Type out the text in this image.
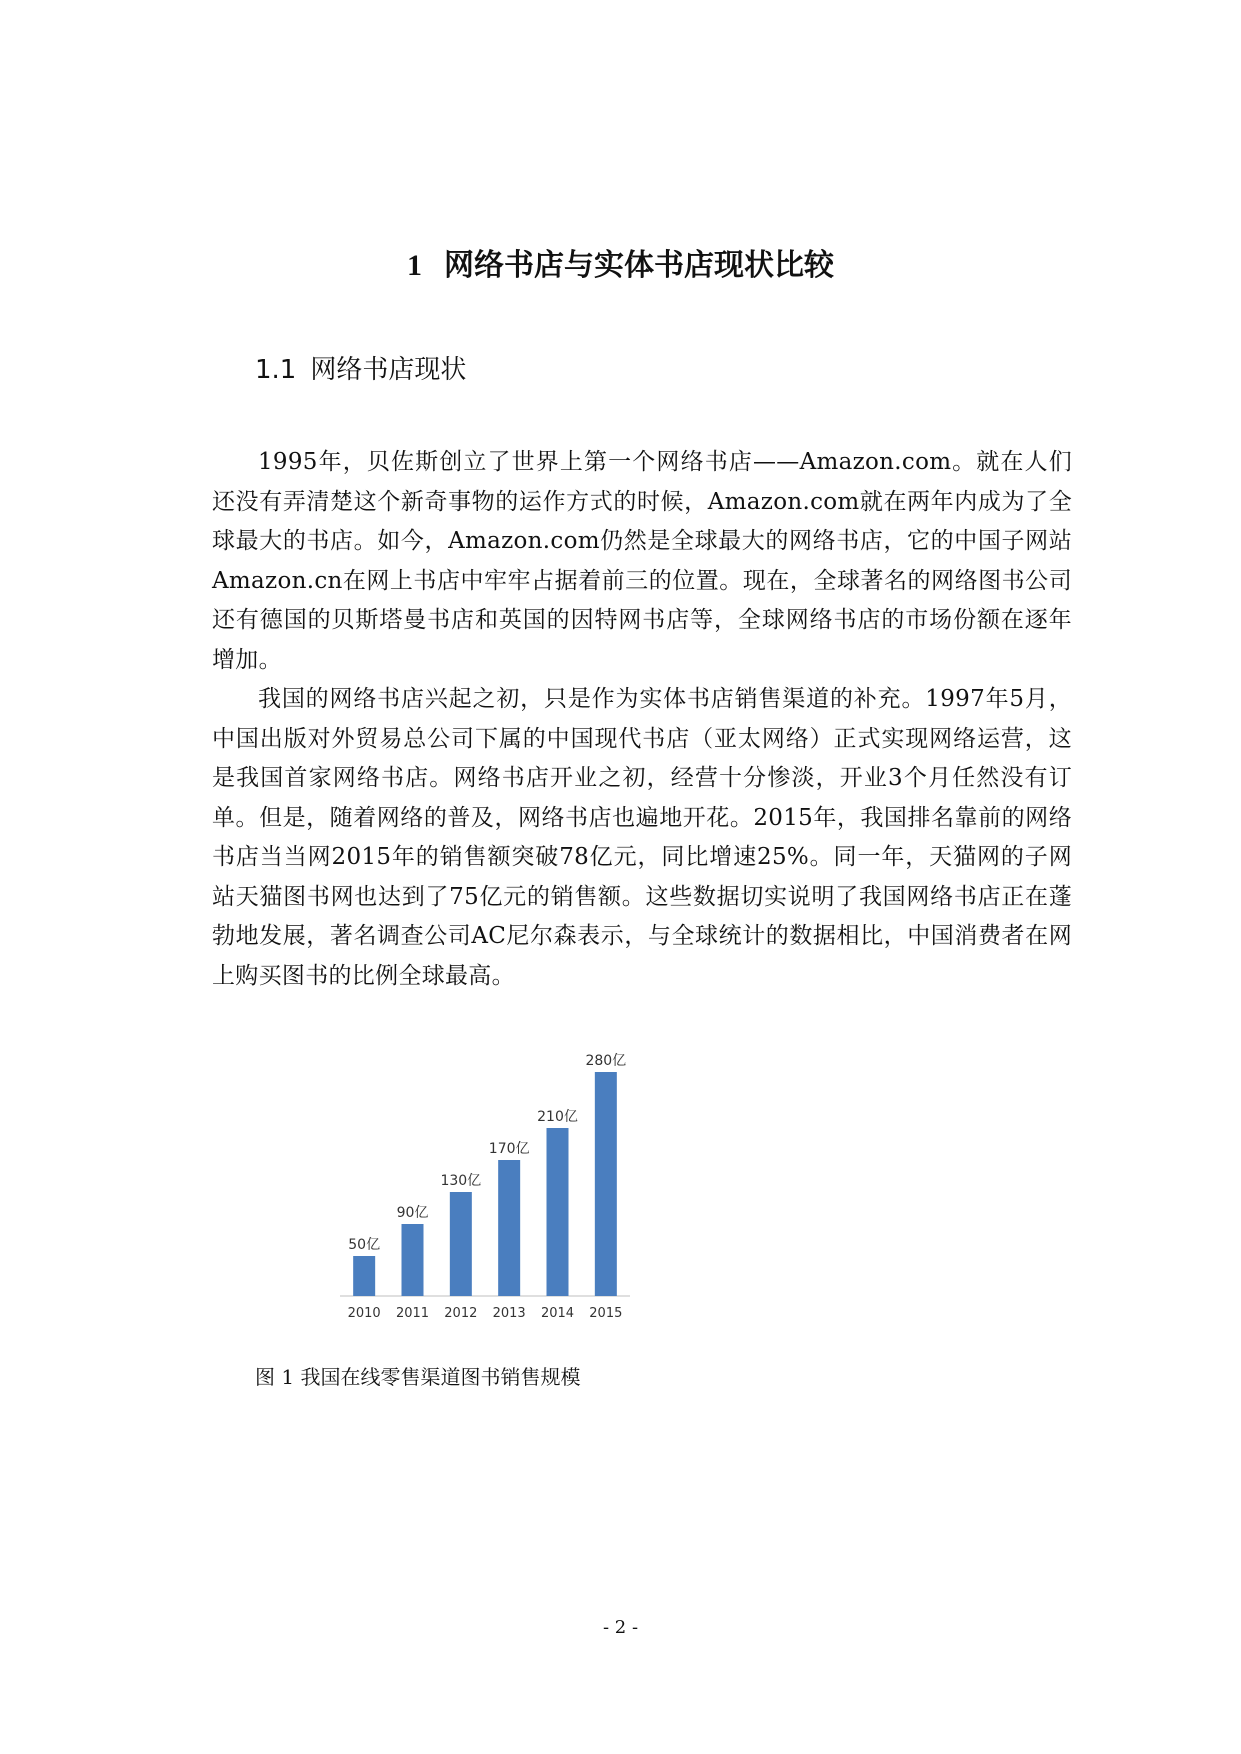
1 网络书店与实体书店现状比较
1.1 网络书店现状

1995年，贝佐斯创立了世界上第一个网络书店——Amazon.com。就在人们还没有弄清楚这个新奇事物的运作方式的时候，Amazon.com就在两年内成为了全球最大的书店。如今，Amazon.com仍然是全球最大的网络书店，它的中国子网站Amazon.cn在网上书店中牢牢占据着前三的位置。现在，全球著名的网络图书公司还有德国的贝斯塔曼书店和英国的因特网书店等，全球网络书店的市场份额在逐年增加。

我国的网络书店兴起之初，只是作为实体书店销售渠道的补充。1997年5月，中国出版对外贸易总公司下属的中国现代书店（亚太网络）正式实现网络运营，这是我国首家网络书店。网络书店开业之初，经营十分惨淡，开业3个月任然没有订单。但是，随着网络的普及，网络书店也遍地开花。2015年，我国排名靠前的网络书店当当网2015年的销售额突破78亿元，同比增速25%。同一年，天猫网的子网站天猫图书网也达到了75亿元的销售额。这些数据切实说明了我国网络书店正在蓬勃地发展，著名调查公司AC尼尔森表示，与全球统计的数据相比，中国消费者在网上购买图书的比例全球最高。

50亿
2010
90亿
2011
130亿
2012
170亿
2013
210亿
2014
280亿
2015

图 1 我国在线零售渠道图书销售规模

- 2 -
